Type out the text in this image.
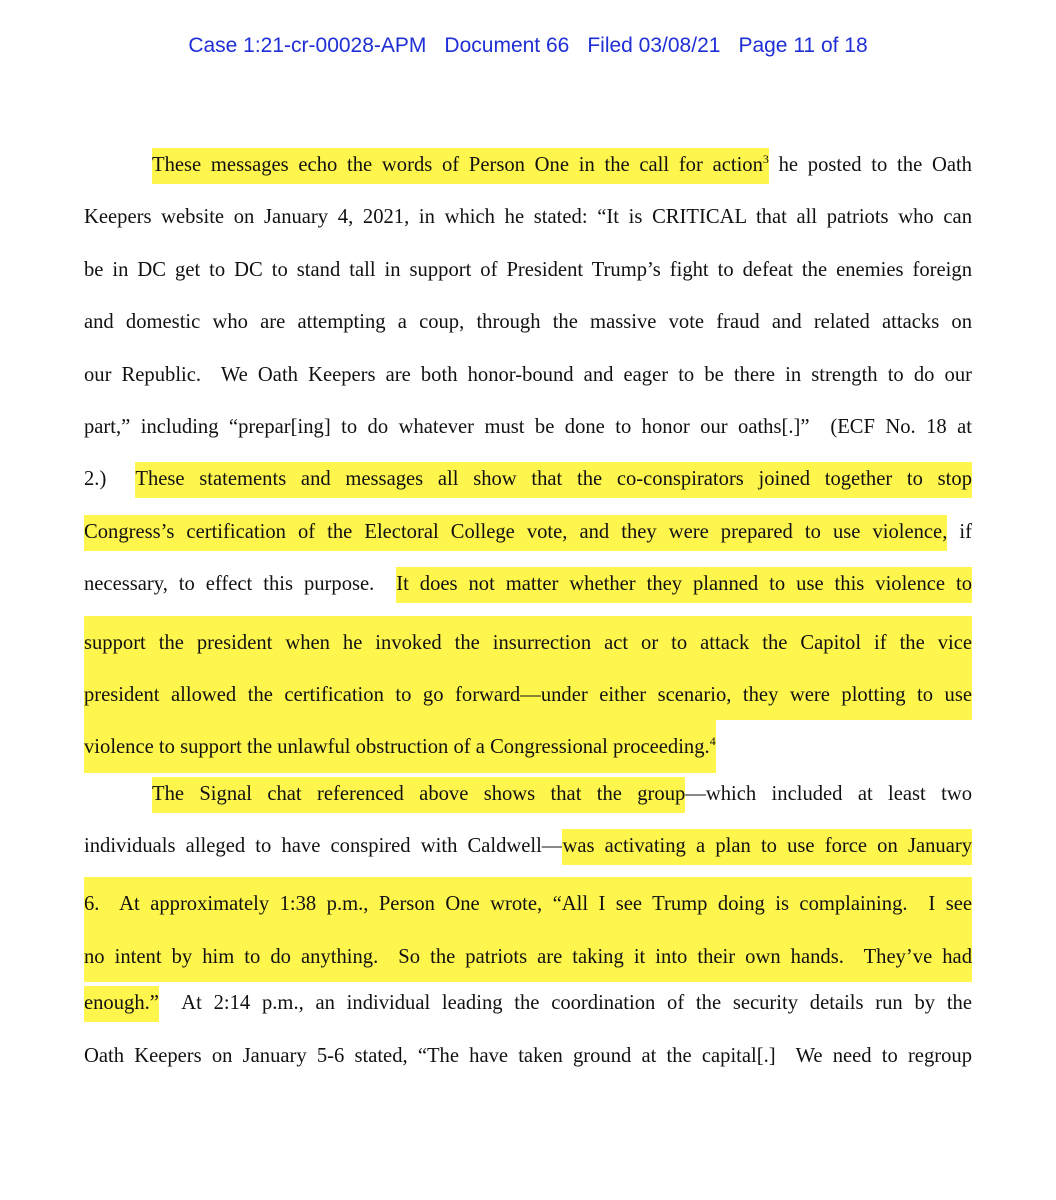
Case 1:21-cr-00028-APM Document 66 Filed 03/08/21 Page 11 of 18
These messages echo the words of Person One in the call for action$^3$ he posted to the Oath
Keepers website on January 4, 2021, in which he stated: “It is CRITICAL that all patriots who can
be in DC get to DC to stand tall in support of President Trump’s fight to defeat the enemies foreign
and domestic who are attempting a coup, through the massive vote fraud and related attacks on
our Republic.  We Oath Keepers are both honor-bound and eager to be there in strength to do our
part,” including “prepar[ing] to do whatever must be done to honor our oaths[.]”  (ECF No. 18 at
2.) These statements and messages all show that the co-conspirators joined together to stop
Congress’s certification of the Electoral College vote, and they were prepared to use violence, if
necessary, to effect this purpose. It does not matter whether they planned to use this violence to
support the president when he invoked the insurrection act or to attack the Capitol if the vice
president allowed the certification to go forward—under either scenario, they were plotting to use
violence to support the unlawful obstruction of a Congressional proceeding.$^4$
The Signal chat referenced above shows that the group—which included at least two
individuals alleged to have conspired with Caldwell—was activating a plan to use force on January
6.  At approximately 1:38 p.m., Person One wrote, “All I see Trump doing is complaining.  I see
no intent by him to do anything.  So the patriots are taking it into their own hands.  They’ve had
enough.” At 2:14 p.m., an individual leading the coordination of the security details run by the
Oath Keepers on January 5-6 stated, “The have taken ground at the capital[.]  We need to regroup
